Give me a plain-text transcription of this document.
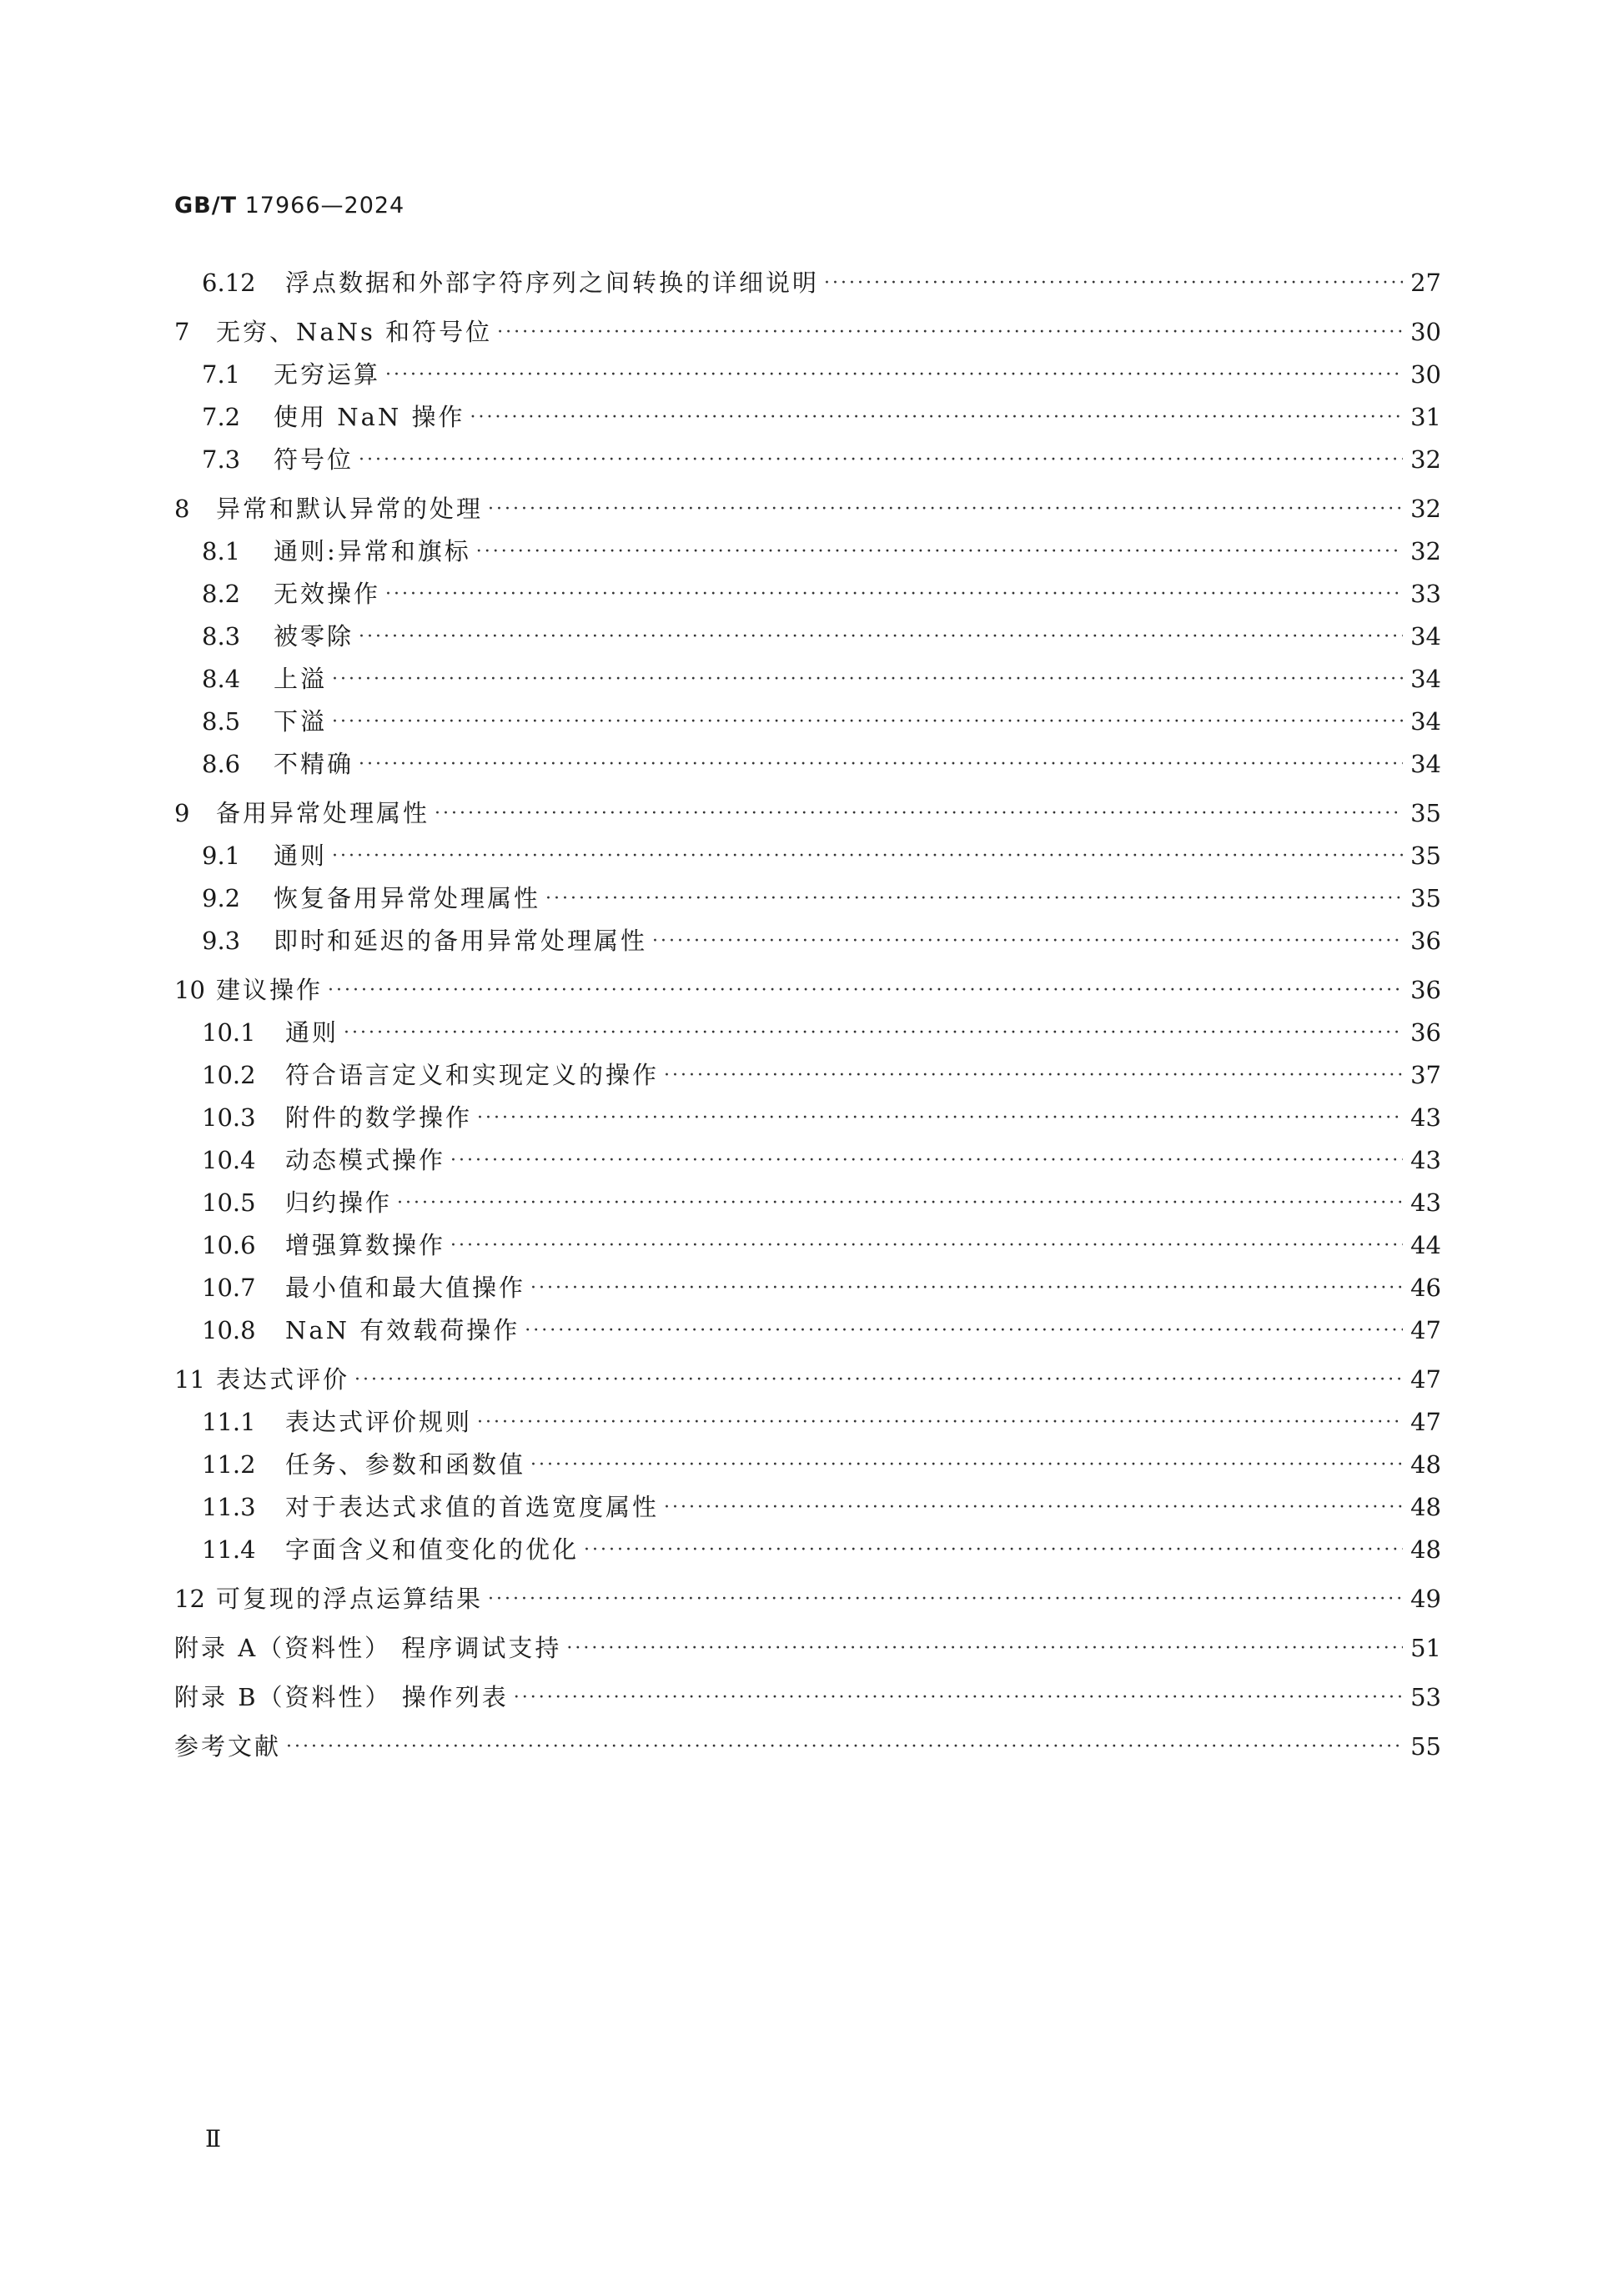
GB/T 17966—2024
6.12	浮点数据和外部字符序列之间转换的详细说明 ·····	27
7	无穷、NaNs 和符号位 ·····	30
7.1	无穷运算 ·····	30
7.2	使用 NaN 操作 ·····	31
7.3	符号位 ·····	32
8	异常和默认异常的处理 ·····	32
8.1	通则:异常和旗标 ·····	32
8.2	无效操作 ·····	33
8.3	被零除 ·····	34
8.4	上溢 ·····	34
8.5	下溢 ·····	34
8.6	不精确 ·····	34
9	备用异常处理属性 ·····	35
9.1	通则 ·····	35
9.2	恢复备用异常处理属性 ·····	35
9.3	即时和延迟的备用异常处理属性 ·····	36
10 建议操作 ·····	36
10.1	通则 ·····	36
10.2	符合语言定义和实现定义的操作 ·····	37
10.3	附件的数学操作 ·····	43
10.4	动态模式操作 ·····	43
10.5	归约操作 ·····	43
10.6	增强算数操作 ·····	44
10.7	最小值和最大值操作 ·····	46
10.8	NaN 有效载荷操作 ·····	47
11 表达式评价 ·····	47
11.1	表达式评价规则 ·····	47
11.2	任务、参数和函数值 ·····	48
11.3	对于表达式求值的首选宽度属性 ·····	48
11.4	字面含义和值变化的优化 ·····	48
12 可复现的浮点运算结果 ·····	49
附录 A（资料性） 程序调试支持 ·····	51
附录 B（资料性） 操作列表 ·····	53
参考文献 ·····	55
Ⅱ
